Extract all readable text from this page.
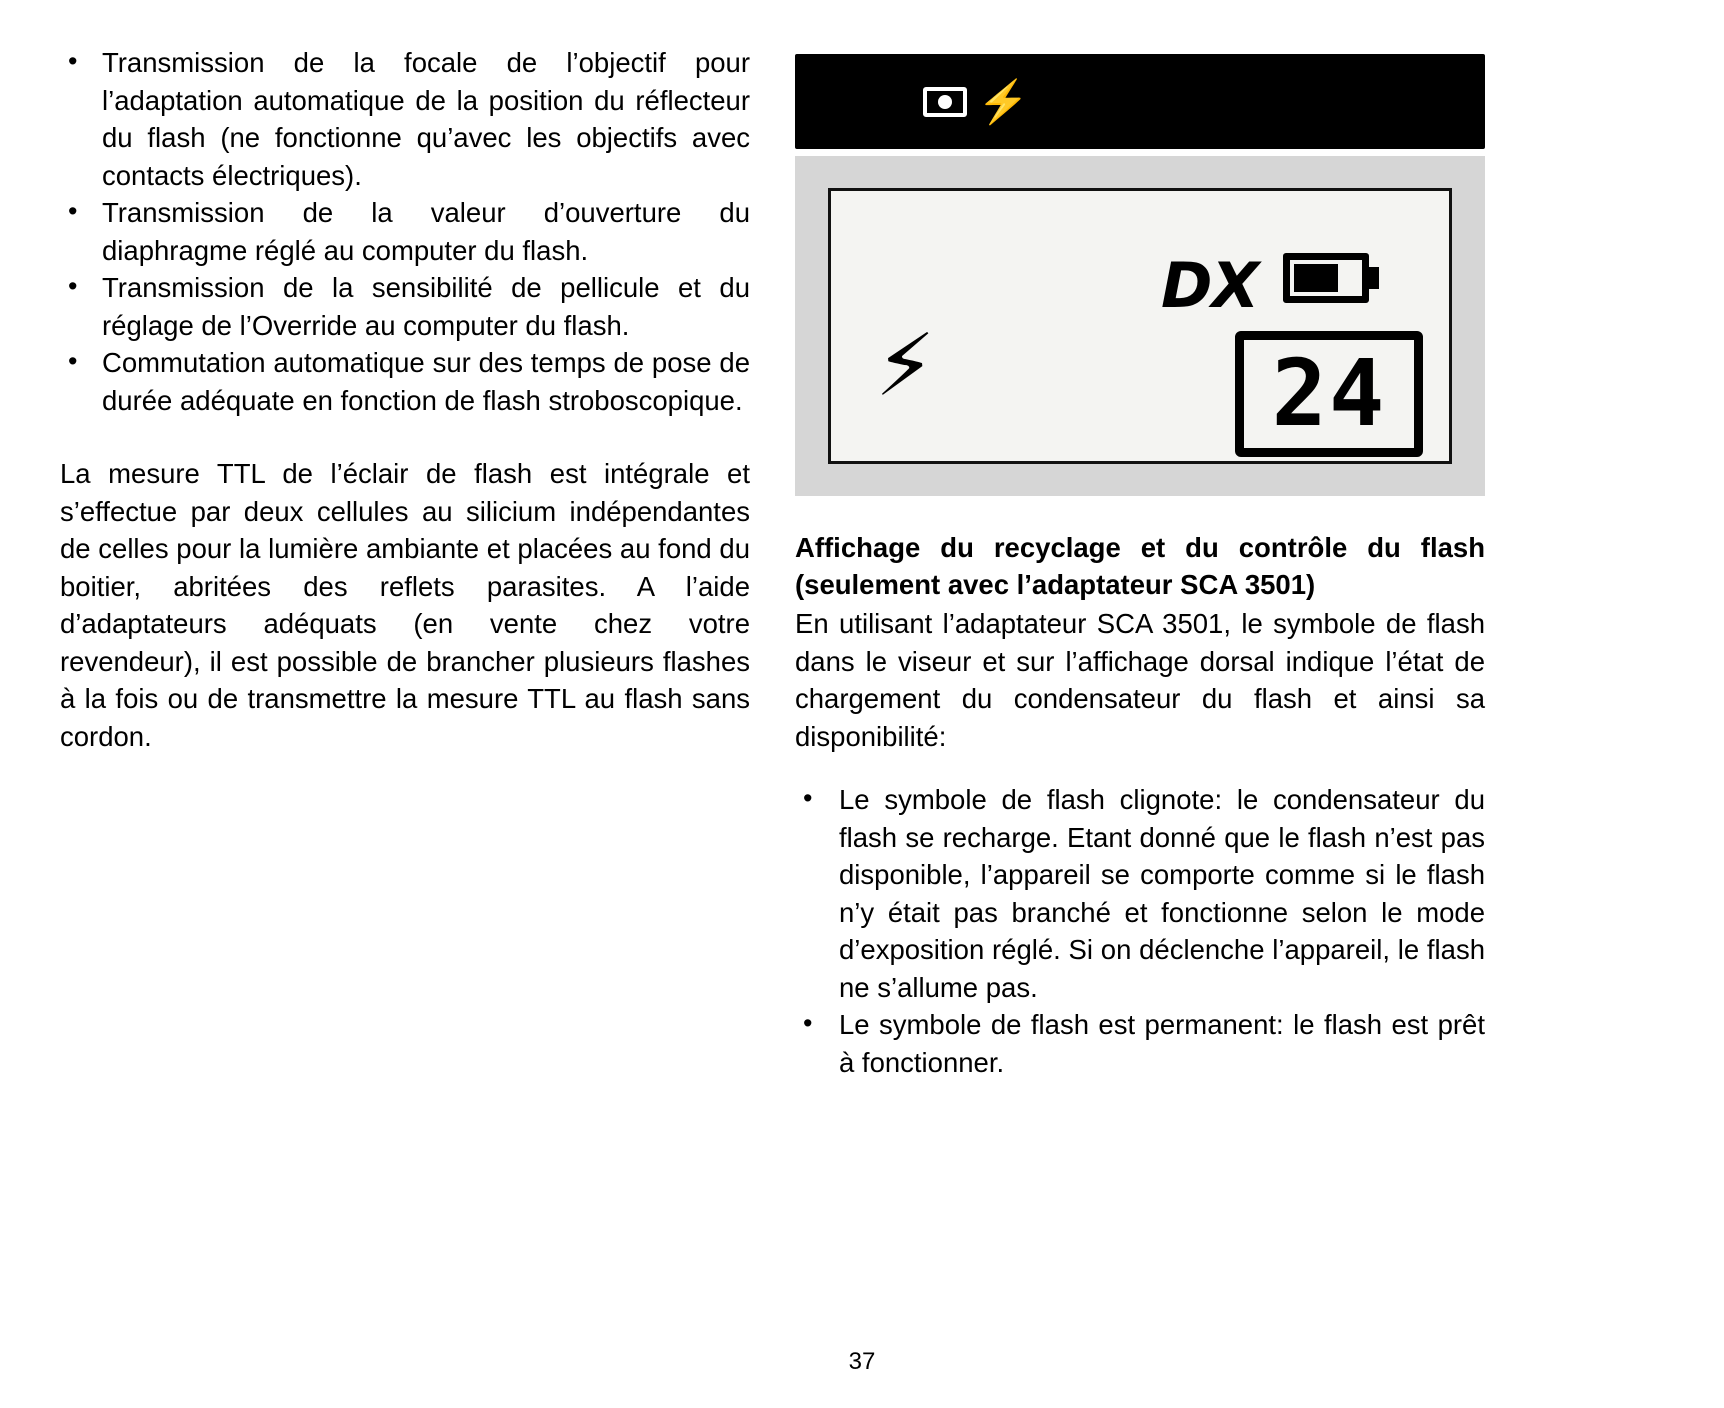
• Transmission de la focale de l’objectif pour l’adaptation automatique de la position du réflecteur du flash (ne fonctionne qu’avec les objectifs avec contacts électriques).
• Transmission de la valeur d’ouverture du diaphragme réglé au computer du flash.
• Transmission de la sensibilité de pellicule et du réglage de l’Override au computer du flash.
• Commutation automatique sur des temps de pose de durée adéquate en fonction de flash stroboscopique.

La mesure TTL de l’éclair de flash est intégrale et s’effectue par deux cellules au silicium indépendantes de celles pour la lumière ambiante et placées au fond du boitier, abritées des reflets parasites. A l’aide d’adaptateurs adéquats (en vente chez votre revendeur), il est possible de brancher plusieurs flashes à la fois ou de transmettre la mesure TTL au flash sans cordon.

⚡ -T 8.0	25o 24
⚡
DX
24
Affichage du recyclage et du contrôle du flash (seulement avec l’adaptateur SCA 3501)

En utilisant l’adaptateur SCA 3501, le symbole de flash dans le viseur et sur l’affichage dorsal indique l’état de chargement du condensateur du flash et ainsi sa disponibilité:

• Le symbole de flash clignote: le condensateur du flash se recharge. Etant donné que le flash n’est pas disponible, l’appareil se comporte comme si le flash n’y était pas branché et fonctionne selon le mode d’exposition réglé. Si on déclenche l’appareil, le flash ne s’allume pas.
• Le symbole de flash est permanent: le flash est prêt à fonctionner.
37
